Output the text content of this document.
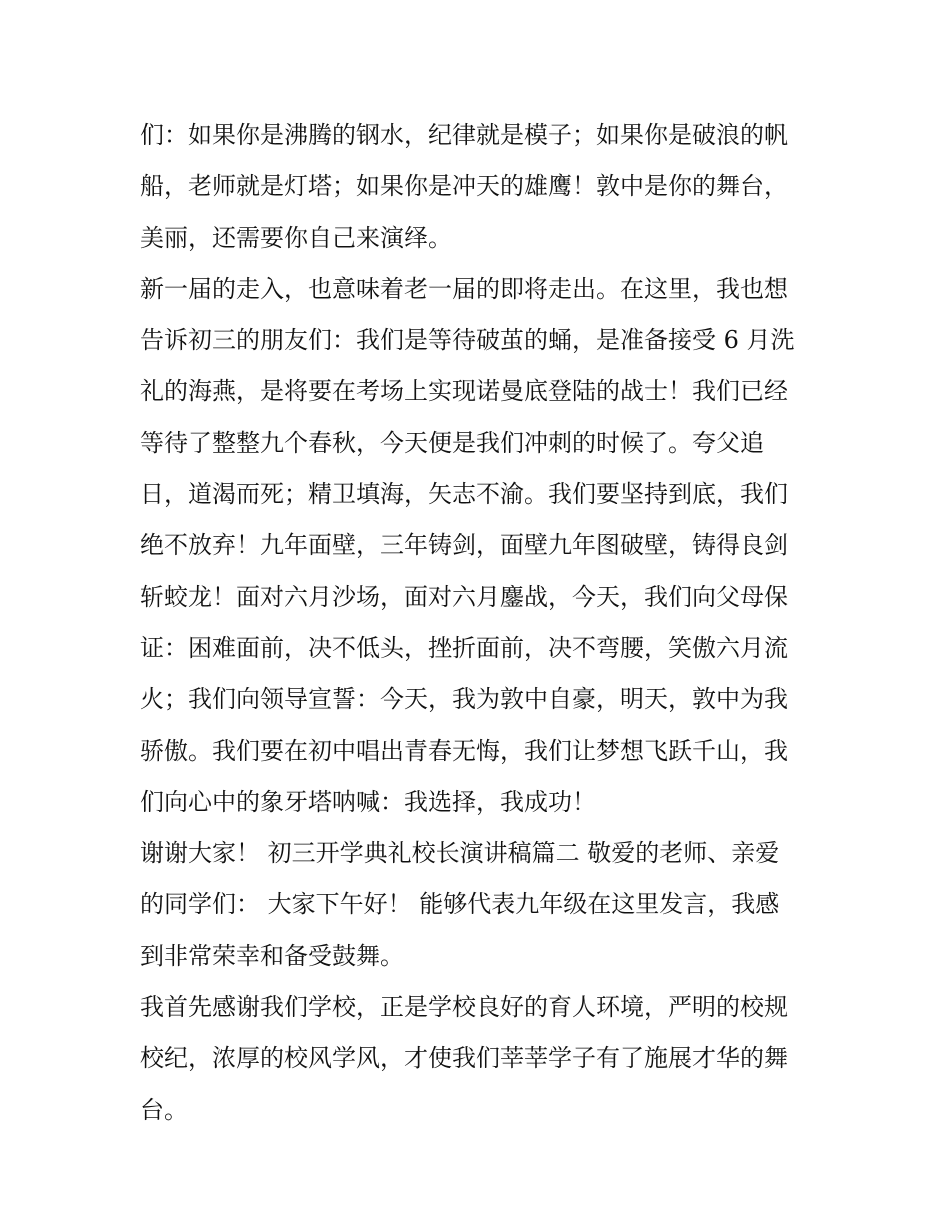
们：如果你是沸腾的钢水，纪律就是模子；如果你是破浪的帆
船，老师就是灯塔；如果你是冲天的雄鹰！敦中是你的舞台，
美丽，还需要你自己来演绎。
新一届的走入，也意味着老一届的即将走出。在这里，我也想
告诉初三的朋友们：我们是等待破茧的蛹，是准备接受 6 月洗
礼的海燕，是将要在考场上实现诺曼底登陆的战士！我们已经
等待了整整九个春秋，今天便是我们冲刺的时候了。夸父追
日，道渴而死；精卫填海，矢志不渝。我们要坚持到底，我们
绝不放弃！九年面壁，三年铸剑，面壁九年图破壁，铸得良剑
斩蛟龙！面对六月沙场，面对六月鏖战，今天，我们向父母保
证：困难面前，决不低头，挫折面前，决不弯腰，笑傲六月流
火；我们向领导宣誓：今天，我为敦中自豪，明天，敦中为我
骄傲。我们要在初中唱出青春无悔，我们让梦想飞跃千山，我
们向心中的象牙塔呐喊：我选择，我成功！
谢谢大家！ 初三开学典礼校长演讲稿篇二 敬爱的老师、亲爱
的同学们： 大家下午好！ 能够代表九年级在这里发言，我感
到非常荣幸和备受鼓舞。
我首先感谢我们学校，正是学校良好的育人环境，严明的校规
校纪，浓厚的校风学风，才使我们莘莘学子有了施展才华的舞
台。
